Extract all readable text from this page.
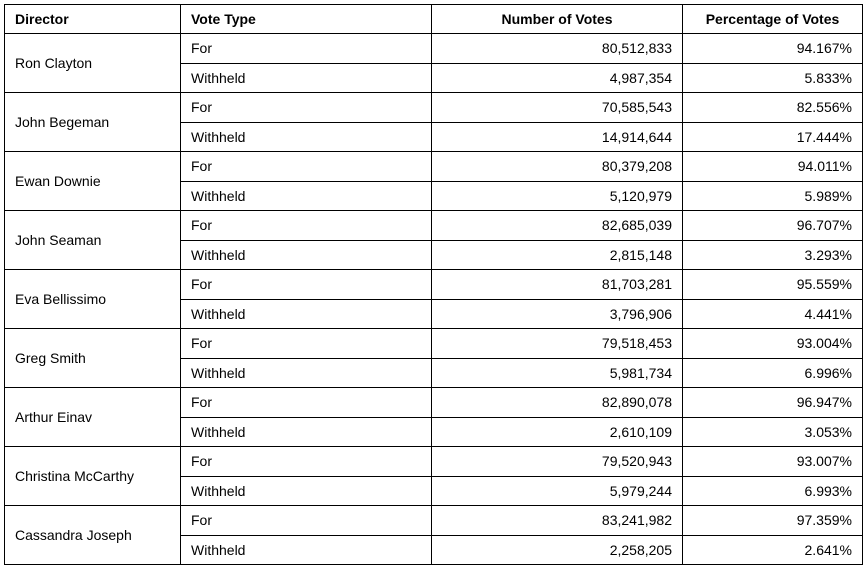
Director	Vote Type	Number of Votes	Percentage of Votes
Ron Clayton	For	80,512,833	94.167%
	Withheld	4,987,354	5.833%
John Begeman	For	70,585,543	82.556%
	Withheld	14,914,644	17.444%
Ewan Downie	For	80,379,208	94.011%
	Withheld	5,120,979	5.989%
John Seaman	For	82,685,039	96.707%
	Withheld	2,815,148	3.293%
Eva Bellissimo	For	81,703,281	95.559%
	Withheld	3,796,906	4.441%
Greg Smith	For	79,518,453	93.004%
	Withheld	5,981,734	6.996%
Arthur Einav	For	82,890,078	96.947%
	Withheld	2,610,109	3.053%
Christina McCarthy	For	79,520,943	93.007%
	Withheld	5,979,244	6.993%
Cassandra Joseph	For	83,241,982	97.359%
	Withheld	2,258,205	2.641%
